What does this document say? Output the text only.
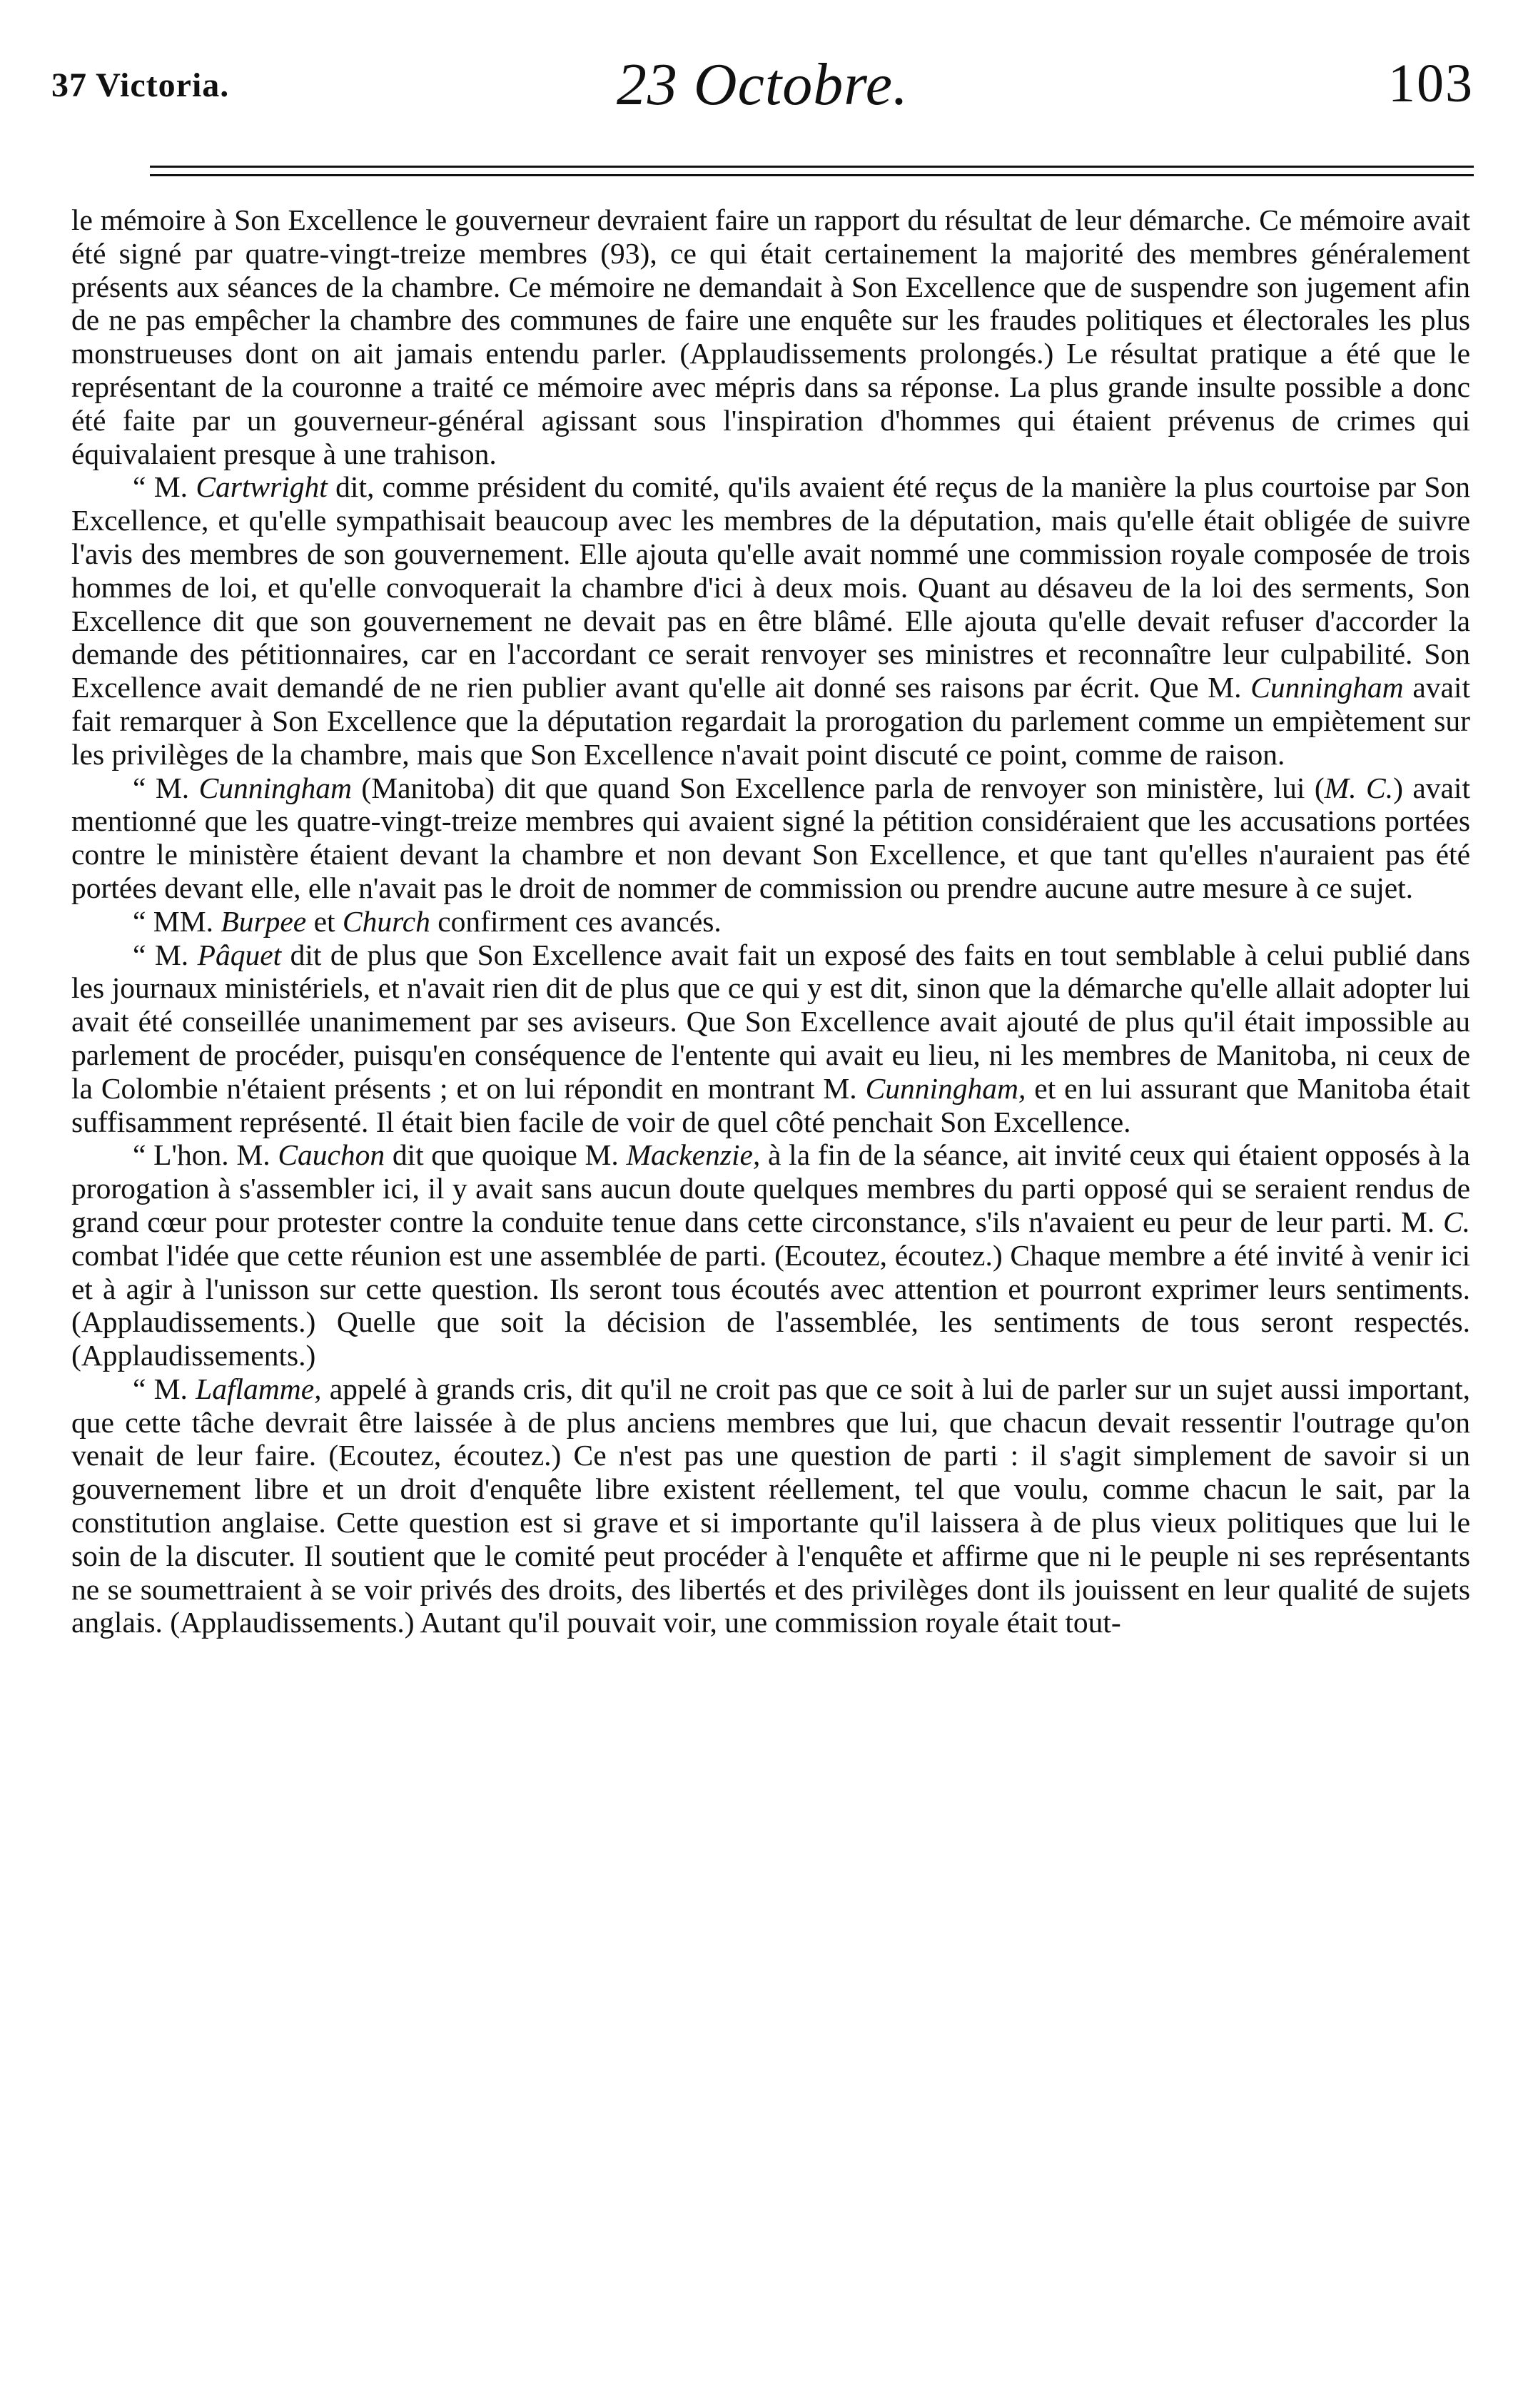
37 Victoria.	23 Octobre.	103

le mémoire à Son Excellence le gouverneur devraient faire un rapport du résultat de leur démarche. Ce mémoire avait été signé par quatre-vingt-treize membres (93), ce qui était certainement la majorité des membres généralement présents aux séances de la chambre. Ce mémoire ne demandait à Son Excellence que de suspendre son jugement afin de ne pas empêcher la chambre des communes de faire une enquête sur les fraudes politiques et électorales les plus monstrueuses dont on ait jamais entendu parler. (Applaudissements prolongés.) Le résultat pratique a été que le représentant de la couronne a traité ce mémoire avec mépris dans sa réponse. La plus grande insulte possible a donc été faite par un gouverneur-général agissant sous l'inspiration d'hommes qui étaient prévenus de crimes qui équivalaient presque à une trahison.

“ M. Cartwright dit, comme président du comité, qu'ils avaient été reçus de la manière la plus courtoise par Son Excellence, et qu'elle sympathisait beaucoup avec les membres de la députation, mais qu'elle était obligée de suivre l'avis des membres de son gouvernement. Elle ajouta qu'elle avait nommé une commission royale composée de trois hommes de loi, et qu'elle convoquerait la chambre d'ici à deux mois. Quant au désaveu de la loi des serments, Son Excellence dit que son gouvernement ne devait pas en être blâmé. Elle ajouta qu'elle devait refuser d'accorder la demande des pétitionnaires, car en l'accordant ce serait renvoyer ses ministres et reconnaître leur culpabilité. Son Excellence avait demandé de ne rien publier avant qu'elle ait donné ses raisons par écrit. Que M. Cunningham avait fait remarquer à Son Excellence que la députation regardait la prorogation du parlement comme un empiètement sur les privilèges de la chambre, mais que Son Excellence n'avait point discuté ce point, comme de raison.

“ M. Cunningham (Manitoba) dit que quand Son Excellence parla de renvoyer son ministère, lui (M. C.) avait mentionné que les quatre-vingt-treize membres qui avaient signé la pétition considéraient que les accusations portées contre le ministère étaient devant la chambre et non devant Son Excellence, et que tant qu'elles n'auraient pas été portées devant elle, elle n'avait pas le droit de nommer de commission ou prendre aucune autre mesure à ce sujet.

“ MM. Burpee et Church confirment ces avancés.

“ M. Pâquet dit de plus que Son Excellence avait fait un exposé des faits en tout semblable à celui publié dans les journaux ministériels, et n'avait rien dit de plus que ce qui y est dit, sinon que la démarche qu'elle allait adopter lui avait été conseillée unanimement par ses aviseurs. Que Son Excellence avait ajouté de plus qu'il était impossible au parlement de procéder, puisqu'en conséquence de l'entente qui avait eu lieu, ni les membres de Manitoba, ni ceux de la Colombie n'étaient présents ; et on lui répondit en montrant M. Cunningham, et en lui assurant que Manitoba était suffisamment représenté. Il était bien facile de voir de quel côté penchait Son Excellence.

“ L'hon. M. Cauchon dit que quoique M. Mackenzie, à la fin de la séance, ait invité ceux qui étaient opposés à la prorogation à s'assembler ici, il y avait sans aucun doute quelques membres du parti opposé qui se seraient rendus de grand cœur pour protester contre la conduite tenue dans cette circonstance, s'ils n'avaient eu peur de leur parti. M. C. combat l'idée que cette réunion est une assemblée de parti. (Ecoutez, écoutez.) Chaque membre a été invité à venir ici et à agir à l'unisson sur cette question. Ils seront tous écoutés avec attention et pourront exprimer leurs sentiments. (Applaudissements.) Quelle que soit la décision de l'assemblée, les sentiments de tous seront respectés. (Applaudissements.)

“ M. Laflamme, appelé à grands cris, dit qu'il ne croit pas que ce soit à lui de parler sur un sujet aussi important, que cette tâche devrait être laissée à de plus anciens membres que lui, que chacun devait ressentir l'outrage qu'on venait de leur faire. (Ecoutez, écoutez.) Ce n'est pas une question de parti : il s'agit simplement de savoir si un gouvernement libre et un droit d'enquête libre existent réellement, tel que voulu, comme chacun le sait, par la constitution anglaise. Cette question est si grave et si importante qu'il laissera à de plus vieux politiques que lui le soin de la discuter. Il soutient que le comité peut procéder à l'enquête et affirme que ni le peuple ni ses représentants ne se soumettraient à se voir privés des droits, des libertés et des privilèges dont ils jouissent en leur qualité de sujets anglais. (Applaudissements.) Autant qu'il pouvait voir, une commission royale était tout-
